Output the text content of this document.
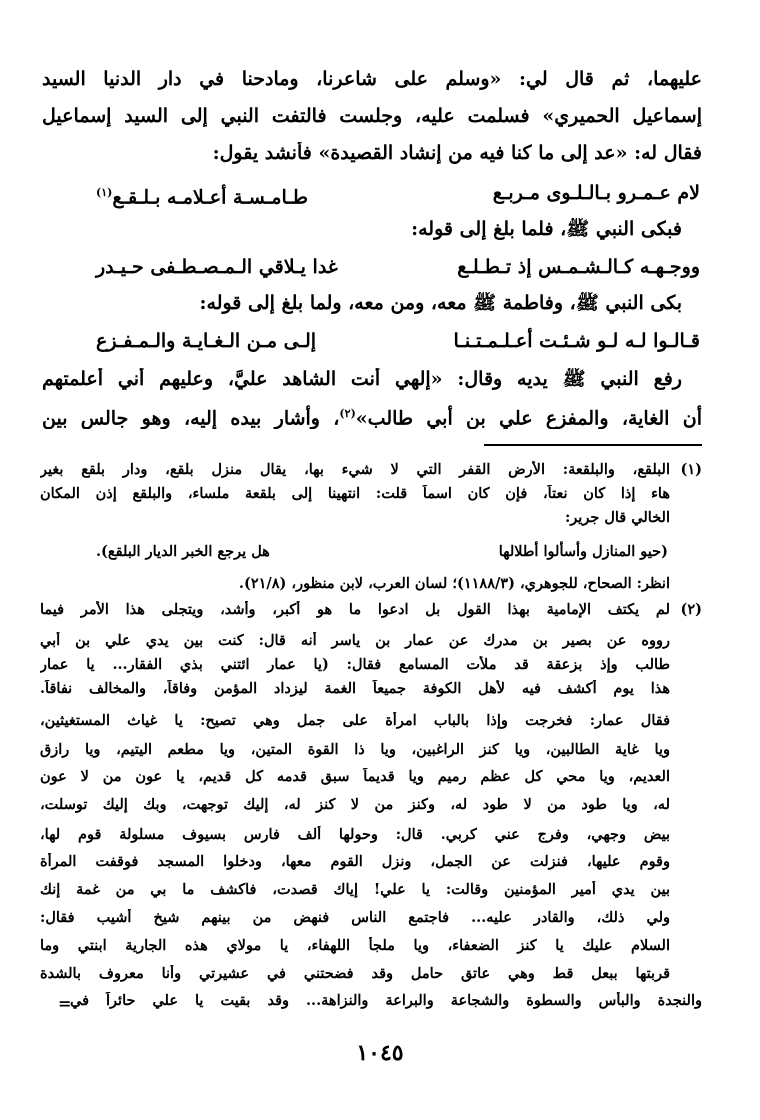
عليهما، ثم قال لي: «وسلم على شاعرنا، ومادحنا في دار الدنيا السيد
إسماعيل الحميري» فسلمت عليه، وجلست فالتفت النبي إلى السيد إسماعيل
فقال له: «عد إلى ما كنا فيه من إنشاد القصيدة» فأنشد يقول:
لام عـمـرو بـالـلـوى مـربـع
طـامـسـة أعـلامـه بـلـقـع$^{(١)}$
فبكى النبي ﷺ، فلما بلغ إلى قوله:
ووجـهـه كـالـشـمـس إذ تـطـلـع
غدا يـلاقي الـمـصـطـفى حـيـدر
بكى النبي ﷺ، وفاطمة ﷺ معه، ومن معه، ولما بلغ إلى قوله:
قـالـوا لـه لـو شـئـت أعـلـمـتـنـا
إلـى مـن الـغـايـة والـمـفـزع
رفع النبي ﷺ يديه وقال: «إلهي أنت الشاهد عليَّ، وعليهم أني أعلمتهم
أن الغاية، والمفزع علي بن أبي طالب»$^{(٢)}$، وأشار بيده إليه، وهو جالس بين
(١)
البلقع، والبلقعة: الأرض القفر التي لا شيء بها، يقال منزل بلقع، ودار بلقع بغير
هاء إذا كان نعتاً، فإن كان اسماً قلت: انتهينا إلى بلقعة ملساء، والبلقع إذن المكان
الخالي قال جرير:
(حيو المنازل وأسألوا أطلالها
هل يرجع الخبر الديار البلقع).
انظر: الصحاح، للجوهري، (١١٨٨/٣)؛ لسان العرب، لابن منظور، (٢١/٨).
(٢)
لم يكتف الإمامية بهذا القول بل ادعوا ما هو أكبر، وأشد، ويتجلى هذا الأمر فيما
رووه عن بصير بن مدرك عن عمار بن ياسر أنه قال: كنت بين يدي علي بن أبي
طالب وإذ بزعقة قد ملأت المسامع فقال: (يا عمار ائتني بذي الفقار... يا عمار
هذا يوم أكشف فيه لأهل الكوفة جميعاً الغمة ليزداد المؤمن وفاقاً، والمخالف نفاقاً.
فقال عمار: فخرجت وإذا بالباب امرأة على جمل وهي تصيح: يا غياث المستغيثين،
ويا غاية الطالبين، ويا كنز الراغبين، ويا ذا القوة المتين، ويا مطعم اليتيم، ويا رازق
العديم، ويا محي كل عظم رميم ويا قديماً سبق قدمه كل قديم، يا عون من لا عون
له، ويا طود من لا طود له، وكنز من لا كنز له، إليك توجهت، وبك إليك توسلت،
بيض وجهي، وفرج عني كربي. قال: وحولها ألف فارس بسيوف مسلولة قوم لها،
وقوم عليها، فنزلت عن الجمل، ونزل القوم معها، ودخلوا المسجد فوقفت المرأة
بين يدي أمير المؤمنين وقالت: يا علي! إياك قصدت، فاكشف ما بي من غمة إنك
ولي ذلك، والقادر عليه... فاجتمع الناس فنهض من بينهم شيخ أشيب فقال:
السلام عليك يا كنز الضعفاء، ويا ملجأ اللهفاء، يا مولاي هذه الجارية ابنتي وما
قربتها ببعل قط وهي عاتق حامل وقد فضحتني في عشيرتي وأنا معروف بالشدة
والنجدة والبأس والسطوة والشجاعة والبراعة والنزاهة... وقد بقيت يا علي حائراً في
١٠٤٥
=
